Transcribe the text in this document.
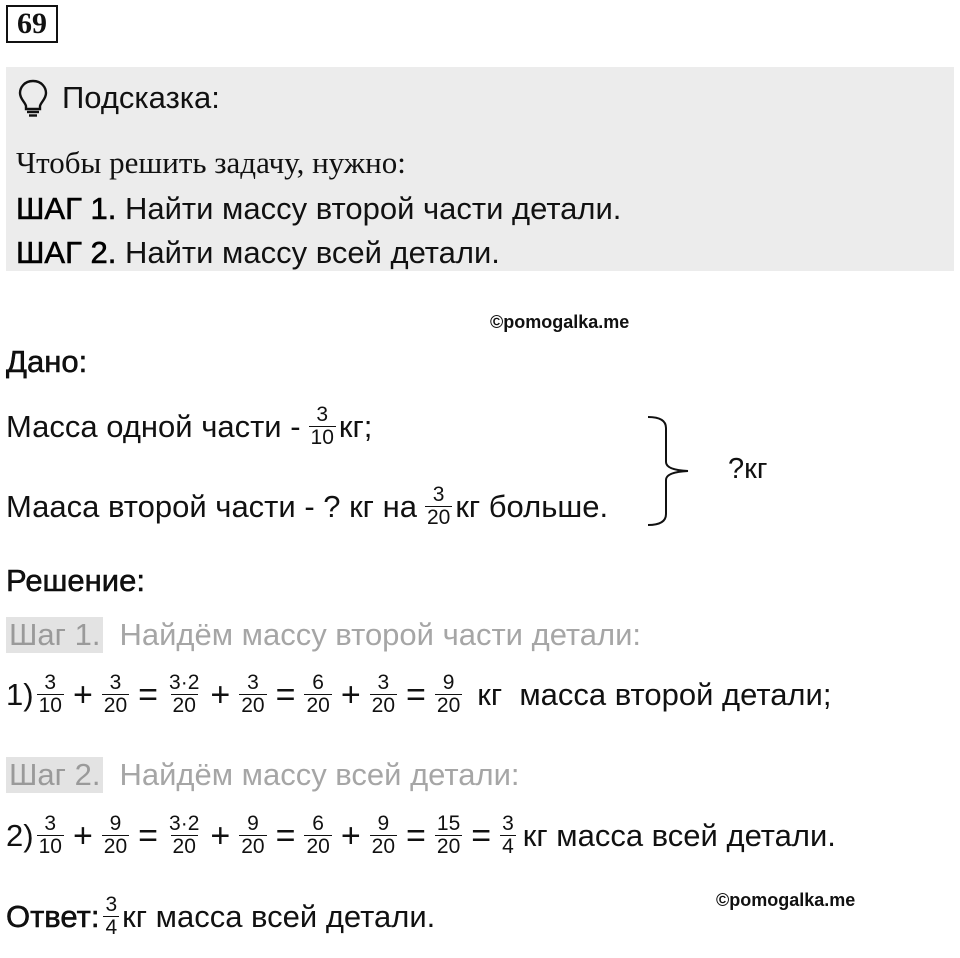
69
Подсказка:
Чтобы решить задачу, нужно:
ШАГ 1. Найти массу второй части детали.
ШАГ 2. Найти массу всей детали.
©pomogalka.me
Дано:
Масса одной части - $\frac{3}{10}$ кг;
Мааса второй части - ? кг на $\frac{3}{20}$ кг больше.
?кг
Решение:
Шаг 1. Найдём массу второй части детали:
$1) \frac{3}{10} + \frac{3}{20} = \frac{3\cdot 2}{20} + \frac{3}{20} = \frac{6}{20} + \frac{3}{20} = \frac{9}{20}$ кг  масса второй детали;
Шаг 2. Найдём массу всей детали:
$2) \frac{3}{10} + \frac{9}{20} = \frac{3\cdot 2}{20} + \frac{9}{20} = \frac{6}{20} + \frac{9}{20} = \frac{15}{20} = \frac{3}{4}$ кг масса всей детали.
©pomogalka.me
Ответ: $\frac{3}{4}$ кг масса всей детали.
